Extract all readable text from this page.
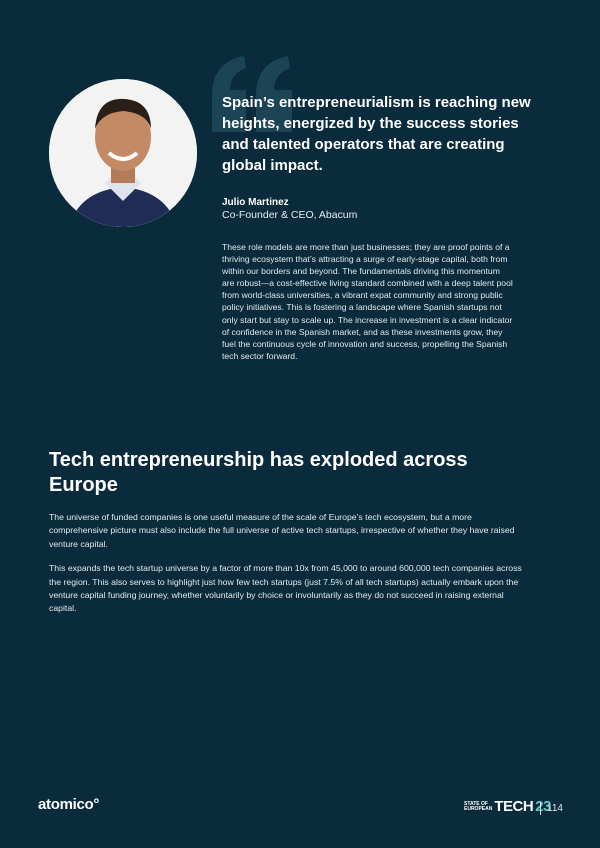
Spain’s entrepreneurialism is reaching new heights, energized by the success stories and talented operators that are creating global impact.
Julio Martinez
Co-Founder & CEO, Abacum
These role models are more than just businesses; they are proof points of a thriving ecosystem that’s attracting a surge of early-stage capital, both from within our borders and beyond. The fundamentals driving this momentum are robust—a cost-effective living standard combined with a deep talent pool from world-class universities, a vibrant expat community and strong public policy initiatives. This is fostering a landscape where Spanish startups not only start but stay to scale up. The increase in investment is a clear indicator of confidence in the Spanish market, and as these investments grow, they fuel the continuous cycle of innovation and success, propelling the Spanish tech sector forward.
Tech entrepreneurship has exploded across Europe

The universe of funded companies is one useful measure of the scale of Europe’s tech ecosystem, but a more comprehensive picture must also include the full universe of active tech startups, irrespective of whether they have raised venture capital.

This expands the tech startup universe by a factor of more than 10x from 45,000 to around 600,000 tech companies across the region. This also serves to highlight just how few tech startups (just 7.5% of all tech startups) actually embark upon the venture capital funding journey, whether voluntarily by choice or involuntarily as they do not succeed in raising external capital.

atomico°	STATE OF
EUROPEAN TECH 23
114
